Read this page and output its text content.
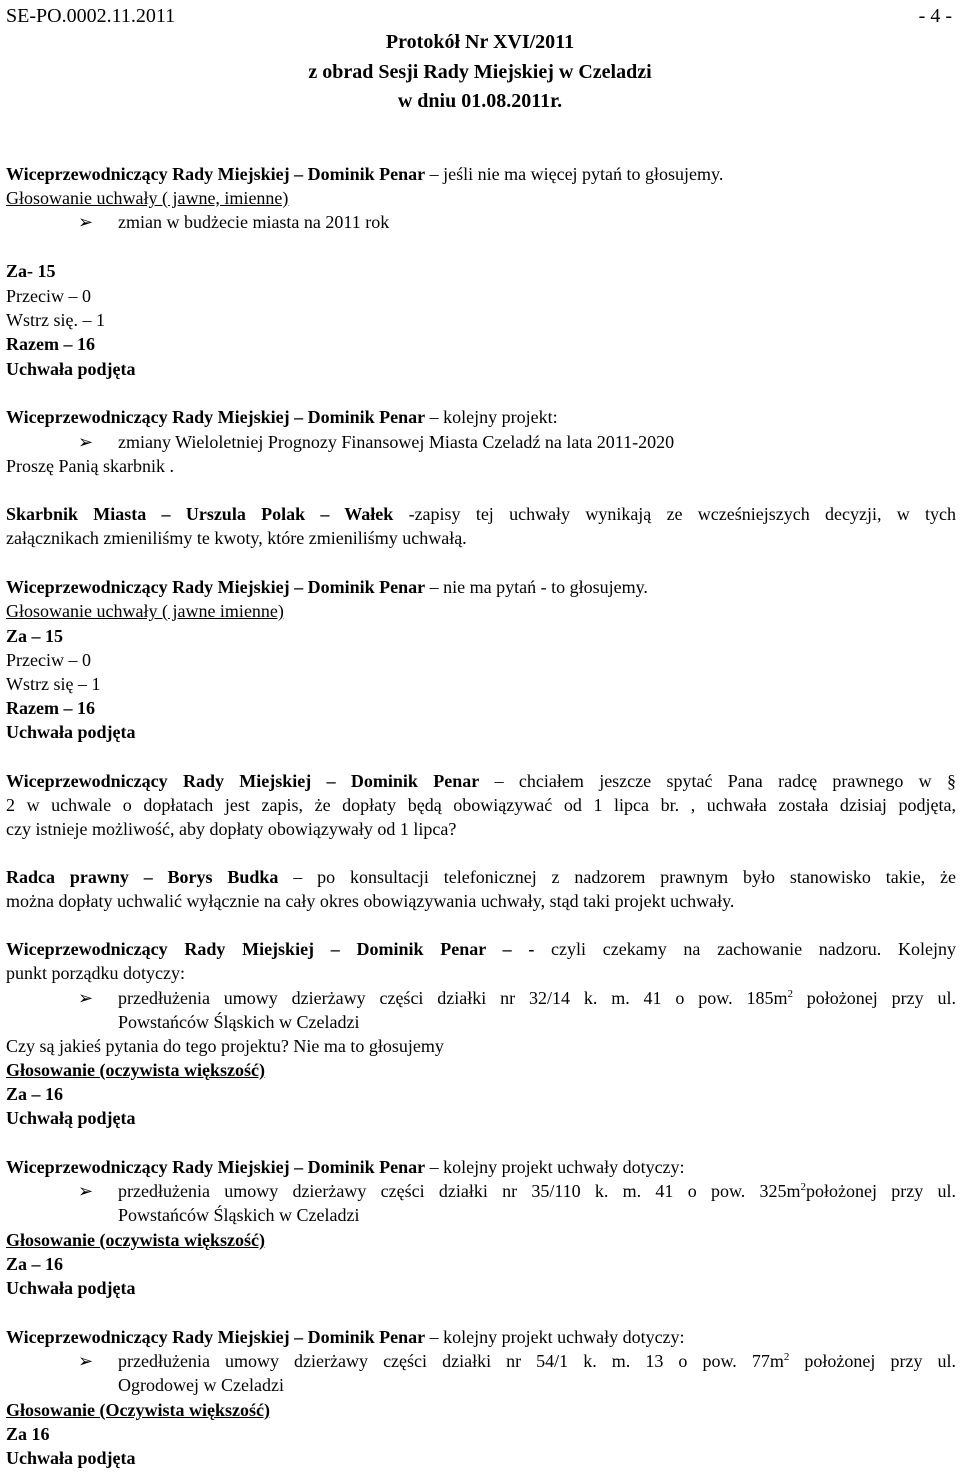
SE-PO.0002.11.2011	- 4 -
Protokół Nr XVI/2011
z obrad Sesji Rady Miejskiej w Czeladzi
w dniu 01.08.2011r.
Wiceprzewodniczący Rady Miejskiej – Dominik Penar – jeśli nie ma więcej pytań to głosujemy.
Głosowanie uchwały ( jawne, imienne)
➢ zmian w budżecie miasta na 2011 rok
Za- 15
Przeciw – 0
Wstrz się. – 1
Razem – 16
Uchwała podjęta
Wiceprzewodniczący Rady Miejskiej – Dominik Penar – kolejny projekt:
➢ zmiany Wieloletniej Prognozy Finansowej Miasta Czeladź na lata 2011-2020
Proszę Panią skarbnik .
Skarbnik Miasta – Urszula Polak – Wałek -zapisy tej uchwały wynikają ze wcześniejszych decyzji, w tych
załącznikach zmieniliśmy te kwoty, które zmieniliśmy uchwałą.
Wiceprzewodniczący Rady Miejskiej – Dominik Penar – nie ma pytań - to głosujemy.
Głosowanie uchwały ( jawne imienne)
Za – 15
Przeciw – 0
Wstrz się – 1
Razem – 16
Uchwała podjęta
Wiceprzewodniczący Rady Miejskiej – Dominik Penar – chciałem jeszcze spytać Pana radcę prawnego w §
2 w uchwale o dopłatach jest zapis, że dopłaty będą obowiązywać od 1 lipca br. , uchwała została dzisiaj podjęta,
czy istnieje możliwość, aby dopłaty obowiązywały od 1 lipca?
Radca prawny – Borys Budka – po konsultacji telefonicznej z nadzorem prawnym było stanowisko takie, że
można dopłaty uchwalić wyłącznie na cały okres obowiązywania uchwały, stąd taki projekt uchwały.
Wiceprzewodniczący Rady Miejskiej – Dominik Penar – - czyli czekamy na zachowanie nadzoru. Kolejny
punkt porządku dotyczy:
➢ przedłużenia umowy dzierżawy części działki nr 32/14 k. m. 41 o pow. $185m^2$ położonej przy ul.
Powstańców Śląskich w Czeladzi
Czy są jakieś pytania do tego projektu? Nie ma to głosujemy
Głosowanie (oczywista większość)
Za – 16
Uchwałą podjęta
Wiceprzewodniczący Rady Miejskiej – Dominik Penar – kolejny projekt uchwały dotyczy:
➢ przedłużenia umowy dzierżawy części działki nr 35/110 k. m. 41 o pow. $325m^2położonej$ przy ul.
Powstańców Śląskich w Czeladzi
Głosowanie (oczywista większość)
Za – 16
Uchwała podjęta
Wiceprzewodniczący Rady Miejskiej – Dominik Penar – kolejny projekt uchwały dotyczy:
➢ przedłużenia umowy dzierżawy części działki nr 54/1 k. m. 13 o pow. $77m^2$ położonej przy ul.
Ogrodowej w Czeladzi
Głosowanie (Oczywista większość)
Za 16
Uchwała podjęta
